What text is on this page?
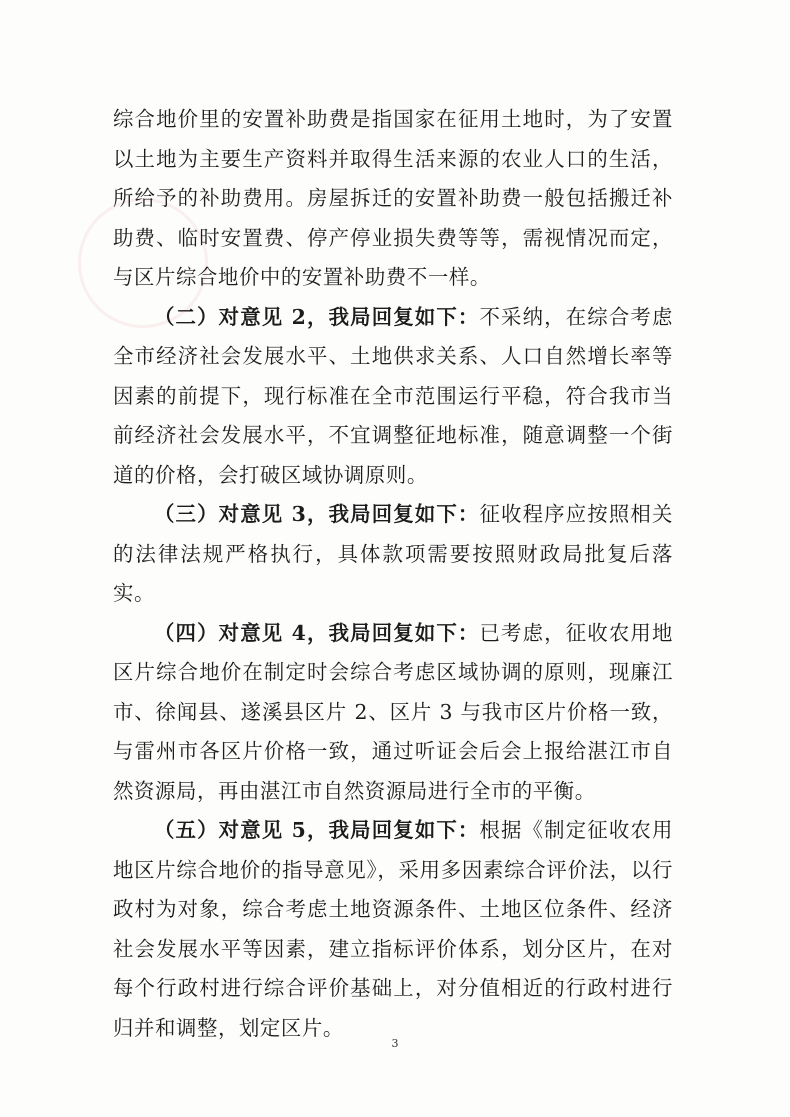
综合地价里的安置补助费是指国家在征用土地时，为了安置以土地为主要生产资料并取得生活来源的农业人口的生活，所给予的补助费用。房屋拆迁的安置补助费一般包括搬迁补助费、临时安置费、停产停业损失费等等，需视情况而定，与区片综合地价中的安置补助费不一样。

（二）对意见 2，我局回复如下：不采纳，在综合考虑全市经济社会发展水平、土地供求关系、人口自然增长率等因素的前提下，现行标准在全市范围运行平稳，符合我市当前经济社会发展水平，不宜调整征地标准，随意调整一个街道的价格，会打破区域协调原则。

（三）对意见 3，我局回复如下：征收程序应按照相关的法律法规严格执行，具体款项需要按照财政局批复后落实。

（四）对意见 4，我局回复如下：已考虑，征收农用地区片综合地价在制定时会综合考虑区域协调的原则，现廉江市、徐闻县、遂溪县区片 2、区片 3 与我市区片价格一致，与雷州市各区片价格一致，通过听证会后会上报给湛江市自然资源局，再由湛江市自然资源局进行全市的平衡。

（五）对意见 5，我局回复如下：根据《制定征收农用地区片综合地价的指导意见》，采用多因素综合评价法，以行政村为对象，综合考虑土地资源条件、土地区位条件、经济社会发展水平等因素，建立指标评价体系，划分区片，在对每个行政村进行综合评价基础上，对分值相近的行政村进行归并和调整，划定区片。

3
